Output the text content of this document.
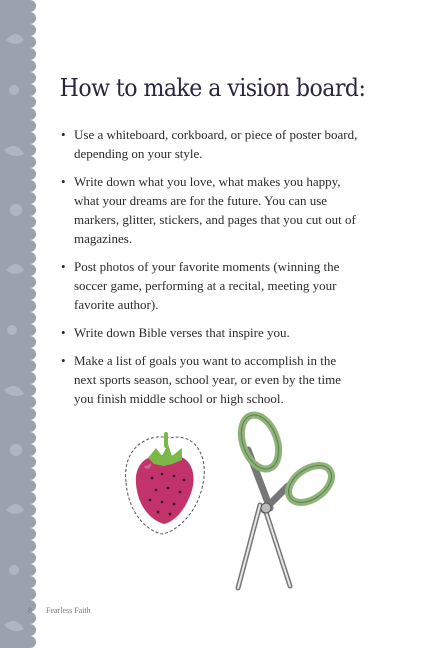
How to make a vision board:
• Use a whiteboard, corkboard, or piece of poster board, depending on your style.
• Write down what you love, what makes you happy, what your dreams are for the future. You can use markers, glitter, stickers, and pages that you cut out of magazines.
• Post photos of your favorite moments (winning the soccer game, performing at a recital, meeting your favorite author).
• Write down Bible verses that inspire you.
• Make a list of goals you want to accomplish in the next sports season, school year, or even by the time you finish middle school or high school.
8 Fearless Faith
